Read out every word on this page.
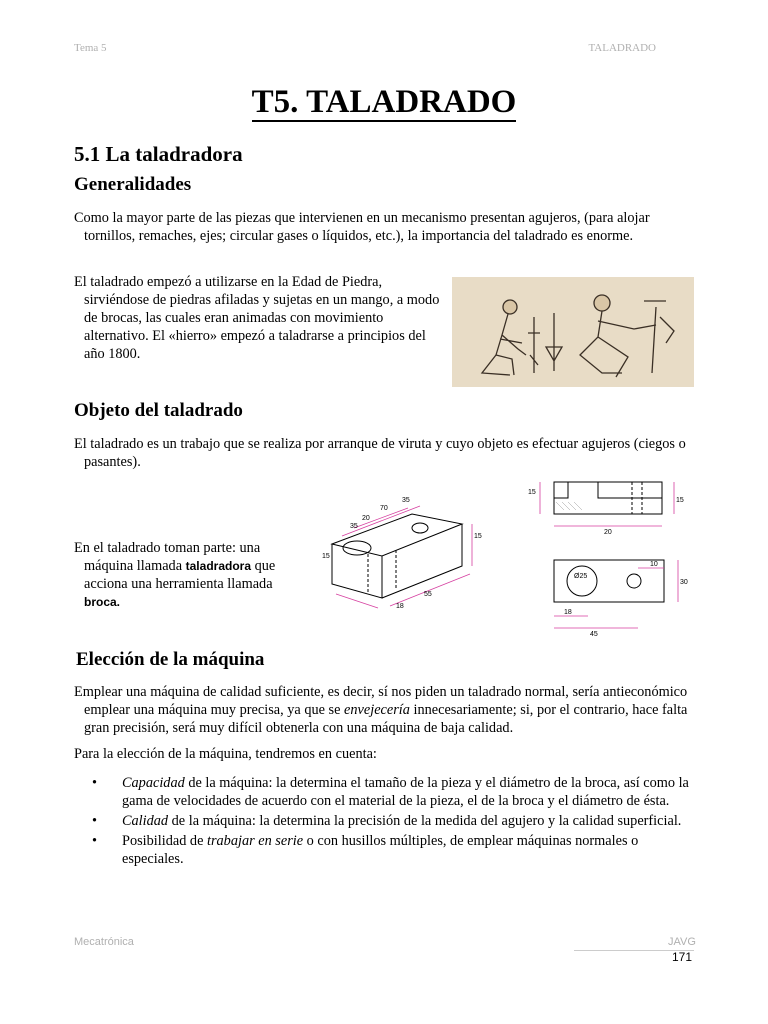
Tema 5	TALADRADO
T5. TALADRADO
5.1 La taladradora
Generalidades

Como la mayor parte de las piezas que intervienen en un mecanismo presentan agujeros, (para alojar tornillos, remaches, ejes; circular gases o líquidos, etc.), la importancia del taladrado es enorme.

El taladrado empezó a utilizarse en la Edad de Piedra, sirviéndose de piedras afiladas y sujetas en un mango, a modo de brocas, las cuales eran animadas con movimiento alternativo. El «hierro» empezó a taladrarse a principios del año 1800.

Objeto del taladrado

El taladrado es un trabajo que se realiza por arranque de viruta y cuyo objeto es efectuar agujeros (ciegos o pasantes).

En el taladrado toman parte: una máquina llamada taladradora que acciona una herramienta llamada broca.

70
35
35
20
15
15
18
55
15
15
20
Ø25
10
30
18
45
Elección de la máquina

Emplear una máquina de calidad suficiente, es decir, sí nos piden un taladrado normal, sería antieconómico emplear una máquina muy precisa, ya que se envejecería innecesariamente; si, por el contrario, hace falta gran precisión, será muy difícil obtenerla con una máquina de baja calidad.

Para la elección de la máquina, tendremos en cuenta:

• Capacidad de la máquina: la determina el tamaño de la pieza y el diámetro de la broca, así como la gama de velocidades de acuerdo con el material de la pieza, el de la broca y el diámetro de ésta.
• Calidad de la máquina: la determina la precisión de la medida del agujero y la calidad superficial.
• Posibilidad de trabajar en serie o con husillos múltiples, de emplear máquinas normales o especiales.
Mecatrónica	JAVG
171
